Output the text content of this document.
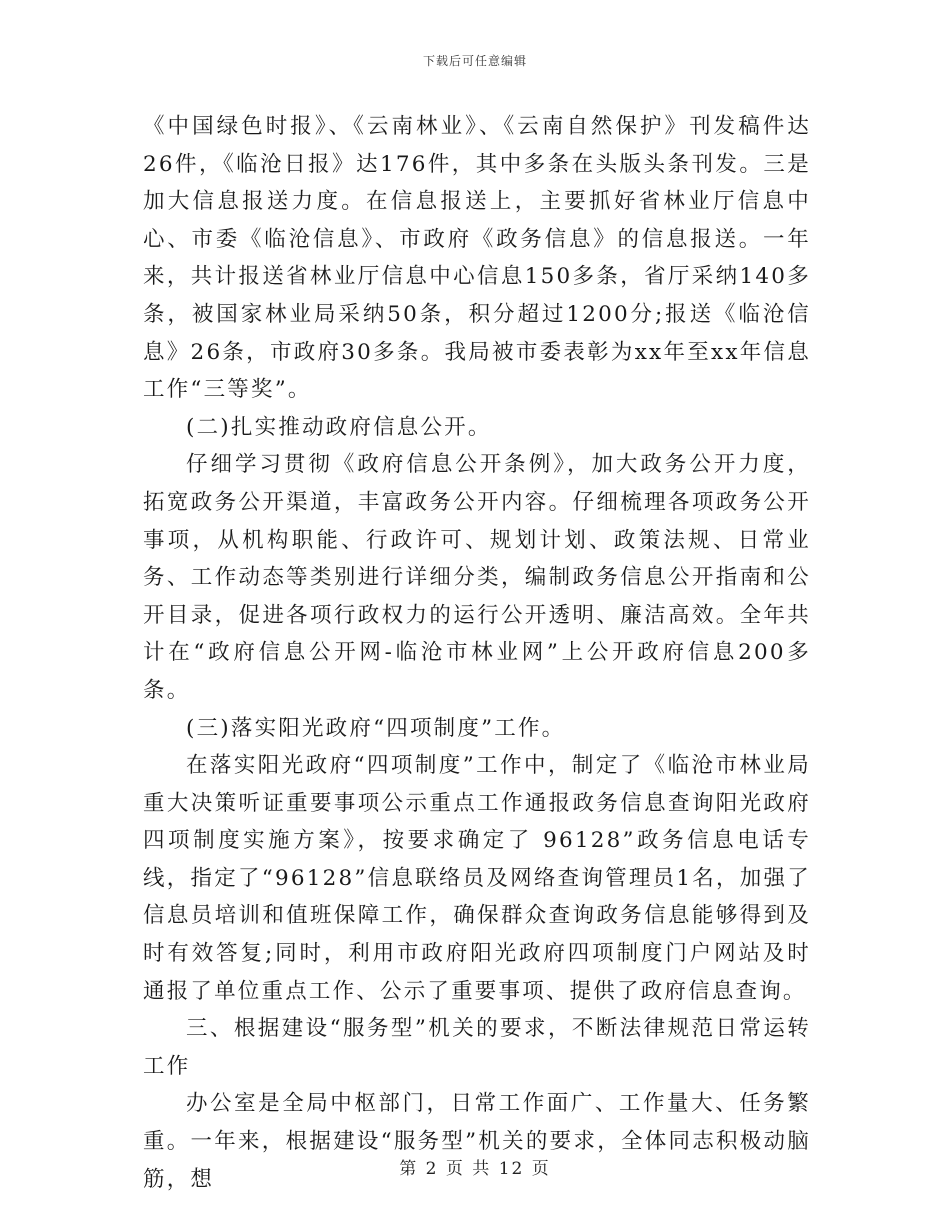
下载后可任意编辑

《中国绿色时报》、《云南林业》、《云南自然保护》刊发稿件达26件，《临沧日报》达176件，其中多条在头版头条刊发。三是加大信息报送力度。在信息报送上，主要抓好省林业厅信息中心、市委《临沧信息》、市政府《政务信息》的信息报送。一年来，共计报送省林业厅信息中心信息150多条，省厅采纳140多条，被国家林业局采纳50条，积分超过1200分;报送《临沧信息》26条，市政府30多条。我局被市委表彰为xx年至xx年信息工作“三等奖”。

(二)扎实推动政府信息公开。

仔细学习贯彻《政府信息公开条例》，加大政务公开力度，拓宽政务公开渠道，丰富政务公开内容。仔细梳理各项政务公开事项，从机构职能、行政许可、规划计划、政策法规、日常业务、工作动态等类别进行详细分类，编制政务信息公开指南和公开目录，促进各项行政权力的运行公开透明、廉洁高效。全年共计在“政府信息公开网-临沧市林业网”上公开政府信息200多条。

(三)落实阳光政府“四项制度”工作。

在落实阳光政府“四项制度”工作中，制定了《临沧市林业局重大决策听证重要事项公示重点工作通报政务信息查询阳光政府四项制度实施方案》，按要求确定了 96128”政务信息电话专线，指定了“96128”信息联络员及网络查询管理员1名，加强了信息员培训和值班保障工作，确保群众查询政务信息能够得到及时有效答复;同时，利用市政府阳光政府四项制度门户网站及时通报了单位重点工作、公示了重要事项、提供了政府信息查询。

三、根据建设“服务型”机关的要求，不断法律规范日常运转工作

办公室是全局中枢部门，日常工作面广、工作量大、任务繁重。一年来，根据建设“服务型”机关的要求，全体同志积极动脑筋，想	第 2 页 共 12 页
